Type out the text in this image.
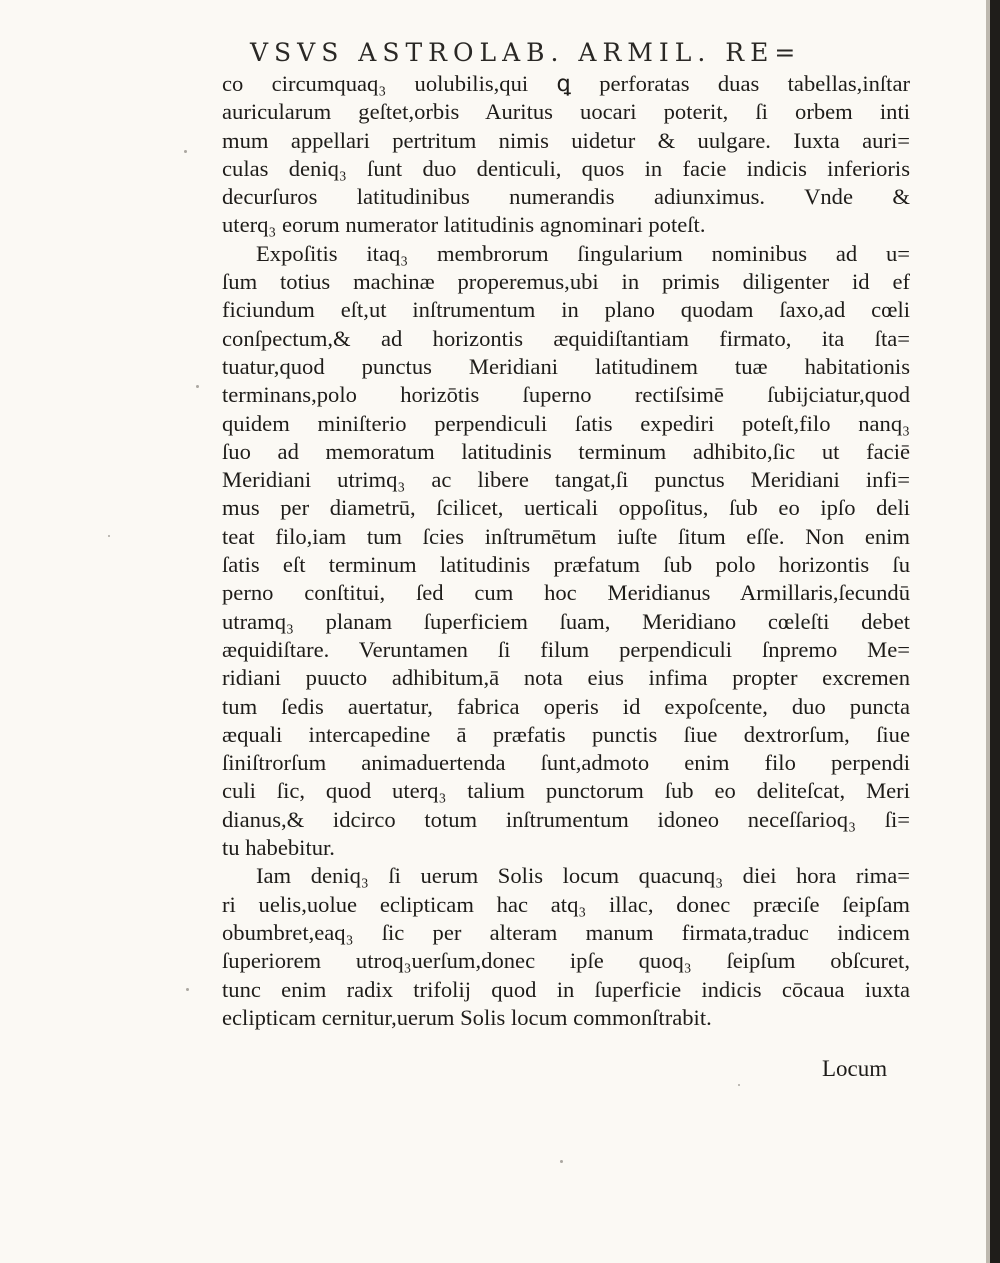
VSVS ASTROLAB. ARMIL. RE=
co circumquaq₃ uolubilis,qui ꝗ perforatas duas tabellas,inſtar
auricularum geſtet,orbis Auritus uocari poterit, ſi orbem inti
mum appellari pertritum nimis uidetur & uulgare. Iuxta auri=
culas deniq₃ ſunt duo denticuli, quos in facie indicis inferioris
decurſuros latitudinibus numerandis adiunximus. Vnde &
uterq₃ eorum numerator latitudinis agnominari poteſt.
Expoſitis itaq₃ membrorum ſingularium nominibus ad u=
ſum totius machinæ properemus,ubi in primis diligenter id ef
ficiundum eſt,ut inſtrumentum in plano quodam ſaxo,ad cœli
conſpectum,& ad horizontis æquidiſtantiam firmato, ita ſta=
tuatur,quod punctus Meridiani latitudinem tuæ habitationis
terminans,polo horizōtis ſuperno rectiſsimē ſubijciatur,quod
quidem miniſterio perpendiculi ſatis expediri poteſt,filo nanq₃
ſuo ad memoratum latitudinis terminum adhibito,ſic ut faciē
Meridiani utrimq₃ ac libere tangat,ſi punctus Meridiani infi=
mus per diametrū, ſcilicet, uerticali oppoſitus, ſub eo ipſo deli
teat filo,iam tum ſcies inſtrumētum iuſte ſitum eſſe. Non enim
ſatis eſt terminum latitudinis præfatum ſub polo horizontis ſu
perno conſtitui, ſed cum hoc Meridianus Armillaris,ſecundū
utramq₃ planam ſuperficiem ſuam, Meridiano cœleſti debet
æquidiſtare. Veruntamen ſi filum perpendiculi ſnpremo Me=
ridiani puucto adhibitum,ā nota eius infima propter excremen
tum ſedis auertatur, fabrica operis id expoſcente, duo puncta
æquali intercapedine ā præfatis punctis ſiue dextrorſum, ſiue
ſiniſtrorſum animaduertenda ſunt,admoto enim filo perpendi
culi ſic, quod uterq₃ talium punctorum ſub eo deliteſcat, Meri
dianus,& idcirco totum inſtrumentum idoneo neceſſarioq₃ ſi=
tu habebitur.
Iam deniq₃ ſi uerum Solis locum quacunq₃ diei hora rima=
ri uelis,uolue eclipticam hac atq₃ illac, donec præciſe ſeipſam
obumbret,eaq₃ ſic per alteram manum firmata,traduc indicem
ſuperiorem utroq₃uerſum,donec ipſe quoq₃ ſeipſum obſcuret,
tunc enim radix trifolij quod in ſuperficie indicis cōcaua iuxta
eclipticam cernitur,uerum Solis locum commonſtrabit.
Locum
